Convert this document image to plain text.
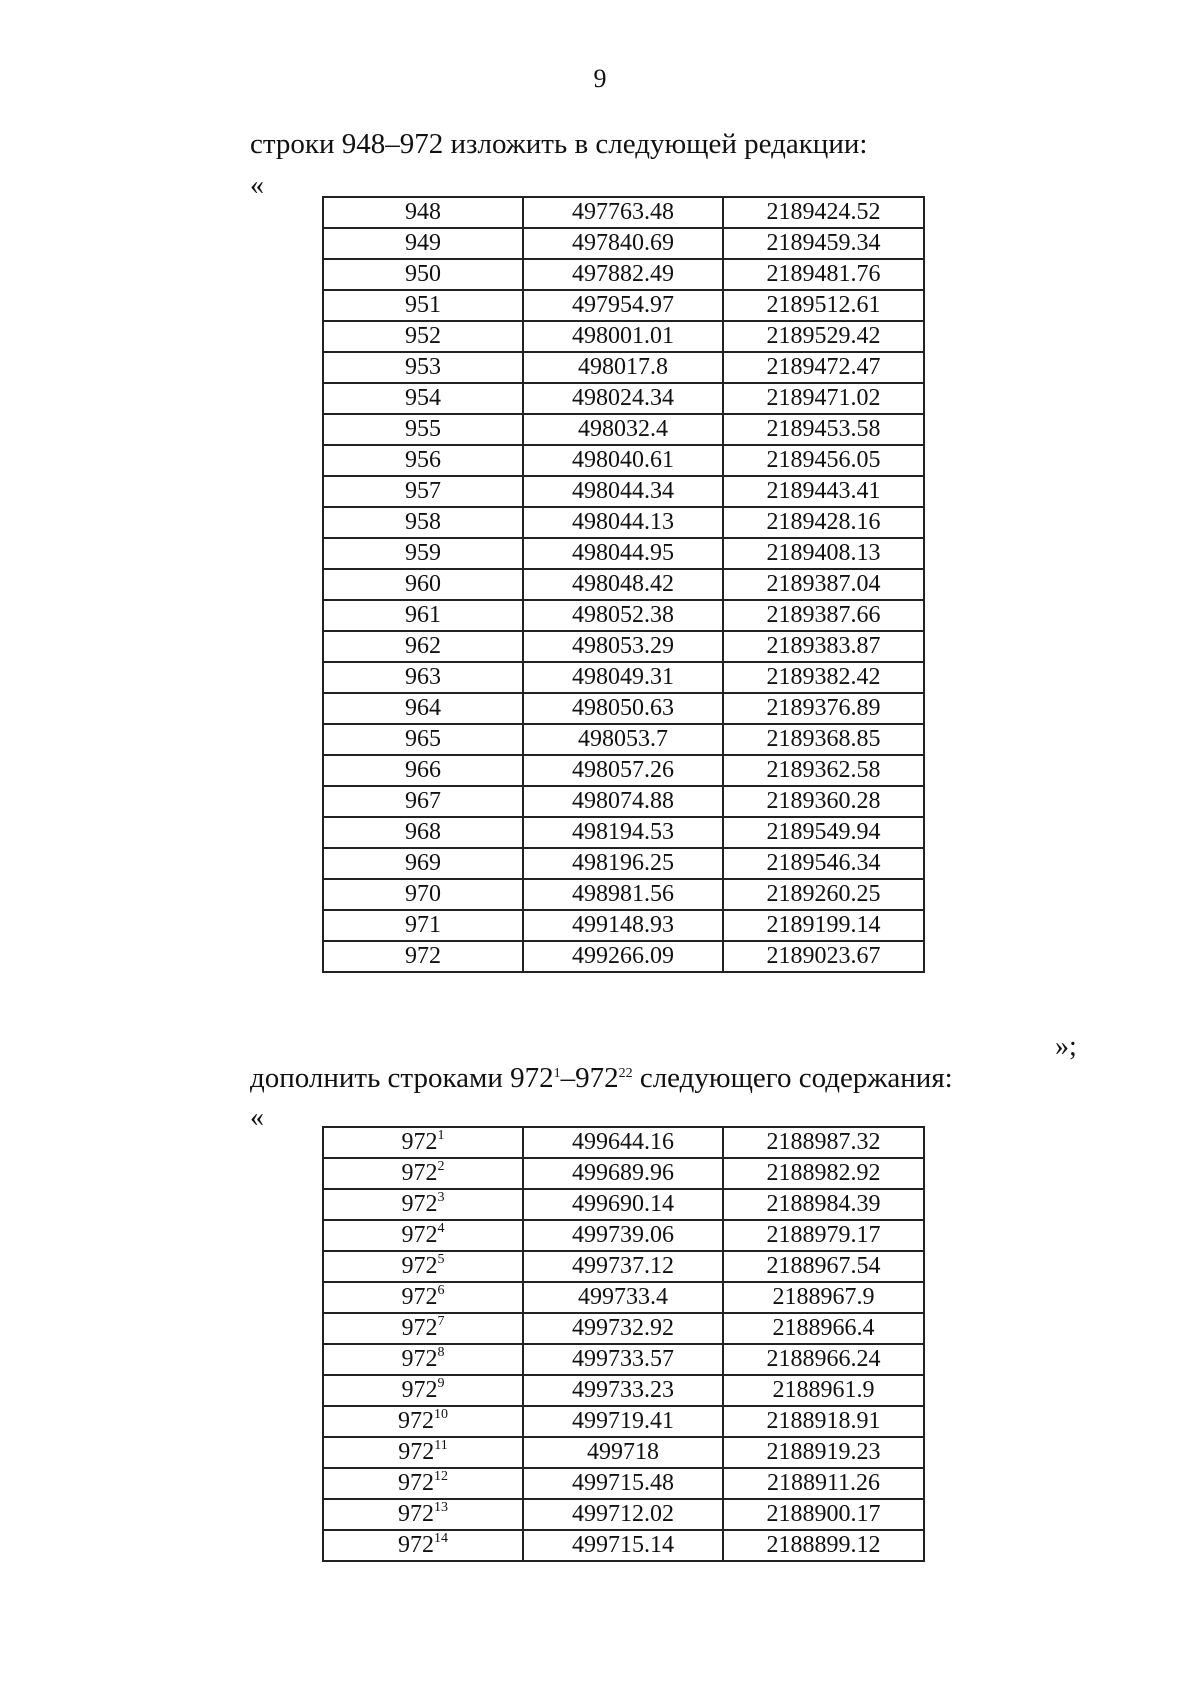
9
строки 948–972 изложить в следующей редакции:
«
948	497763.48	2189424.52
949	497840.69	2189459.34
950	497882.49	2189481.76
951	497954.97	2189512.61
952	498001.01	2189529.42
953	498017.8	2189472.47
954	498024.34	2189471.02
955	498032.4	2189453.58
956	498040.61	2189456.05
957	498044.34	2189443.41
958	498044.13	2189428.16
959	498044.95	2189408.13
960	498048.42	2189387.04
961	498052.38	2189387.66
962	498053.29	2189383.87
963	498049.31	2189382.42
964	498050.63	2189376.89
965	498053.7	2189368.85
966	498057.26	2189362.58
967	498074.88	2189360.28
968	498194.53	2189549.94
969	498196.25	2189546.34
970	498981.56	2189260.25
971	499148.93	2189199.14
972	499266.09	2189023.67
»;
дополнить строками $972^1-972^{22}$ следующего содержания:
«
$972^1$	499644.16	2188987.32
$972^2$	499689.96	2188982.92
$972^3$	499690.14	2188984.39
$972^4$	499739.06	2188979.17
$972^5$	499737.12	2188967.54
$972^6$	499733.4	2188967.9
$972^7$	499732.92	2188966.4
$972^8$	499733.57	2188966.24
$972^9$	499733.23	2188961.9
$972^{10}$	499719.41	2188918.91
$972^{11}$	499718	2188919.23
$972^{12}$	499715.48	2188911.26
$972^{13}$	499712.02	2188900.17
$972^{14}$	499715.14	2188899.12
